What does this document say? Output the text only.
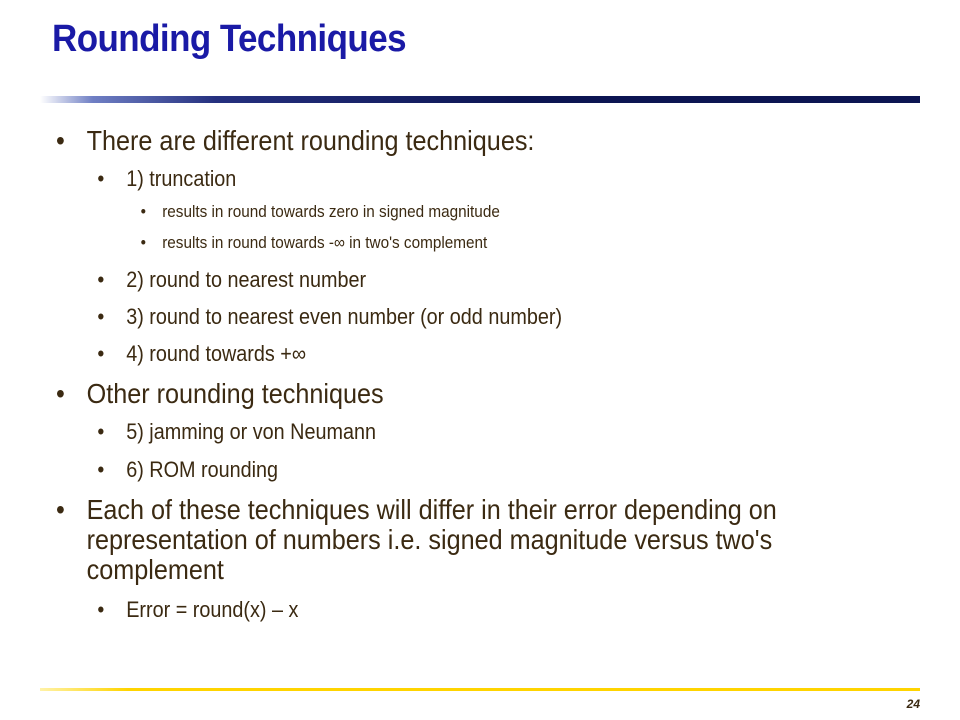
Rounding Techniques
• There are different rounding techniques:
• 1) truncation
• results in round towards zero in signed magnitude
• results in round towards -∞ in two's complement
• 2) round to nearest number
• 3) round to nearest even number (or odd number)
• 4) round towards +∞
• Other rounding techniques
• 5) jamming or von Neumann
• 6) ROM rounding
• Each of these techniques will differ in their error depending on representation of numbers i.e. signed magnitude versus two's complement
• Error = round(x) – x
24
